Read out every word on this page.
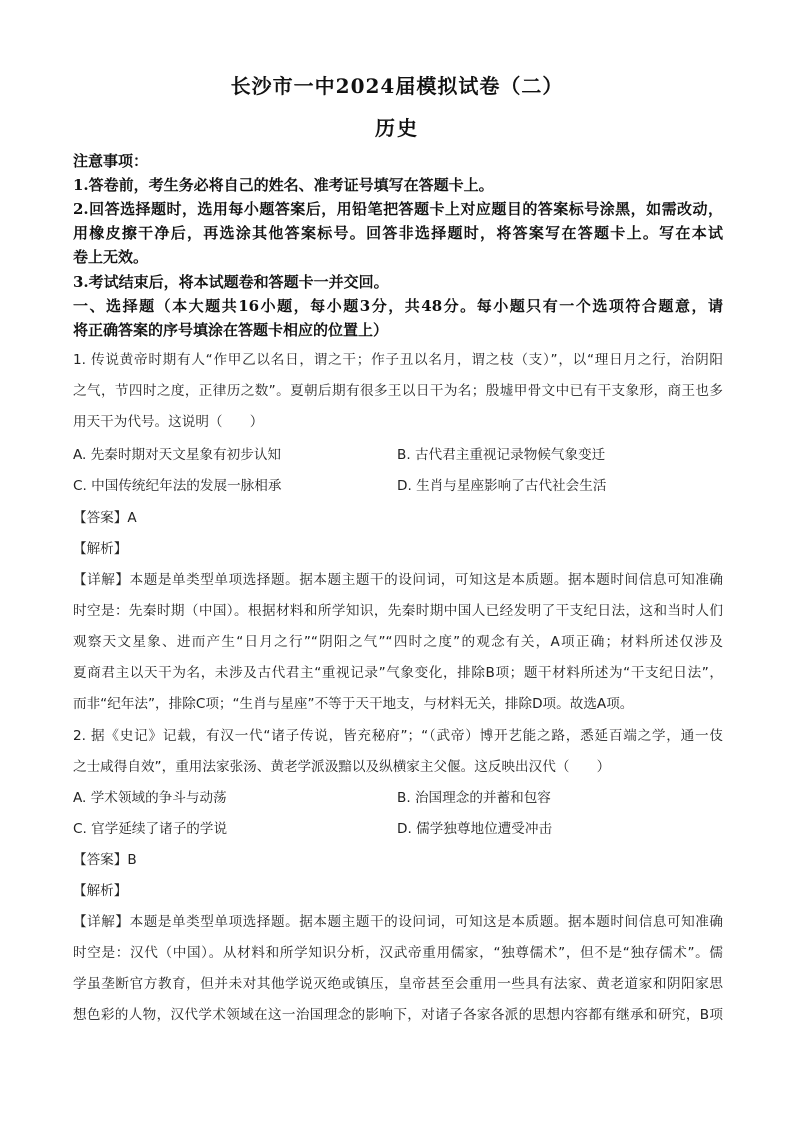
长沙市一中2024届模拟试卷（二）
历史
注意事项：
1.答卷前，考生务必将自己的姓名、准考证号填写在答题卡上。
2.回答选择题时，选用每小题答案后，用铅笔把答题卡上对应题目的答案标号涂黑，如需改动，
用橡皮擦干净后，再选涂其他答案标号。回答非选择题时，将答案写在答题卡上。写在本试
卷上无效。
3.考试结束后，将本试题卷和答题卡一并交回。
一、选择题（本大题共16小题，每小题3分，共48分。每小题只有一个选项符合题意，请
将正确答案的序号填涂在答题卡相应的位置上）
1. 传说黄帝时期有人“作甲乙以名日，谓之干；作子丑以名月，谓之枝（支）”，以“理日月之行，治阴阳
之气，节四时之度，正律历之数”。夏朝后期有很多王以日干为名；殷墟甲骨文中已有干支象形，商王也多
用天干为代号。这说明（　　）
A. 先秦时期对天文星象有初步认知	B. 古代君主重视记录物候气象变迁
C. 中国传统纪年法的发展一脉相承	D. 生肖与星座影响了古代社会生活
【答案】A
【解析】
【详解】本题是单类型单项选择题。据本题主题干的设问词，可知这是本质题。据本题时间信息可知准确
时空是：先秦时期（中国）。根据材料和所学知识，先秦时期中国人已经发明了干支纪日法，这和当时人们
观察天文星象、进而产生“日月之行”“阴阳之气”“四时之度”的观念有关，A项正确；材料所述仅涉及
夏商君主以天干为名，未涉及古代君主“重视记录”气象变化，排除B项；题干材料所述为“干支纪日法”，
而非“纪年法”，排除C项；“生肖与星座”不等于天干地支，与材料无关，排除D项。故选A项。
2. 据《史记》记载，有汉一代“诸子传说，皆充秘府”；“（武帝）博开艺能之路，悉延百端之学，通一伎
之士咸得自效”，重用法家张汤、黄老学派汲黯以及纵横家主父偃。这反映出汉代（　　）
A. 学术领域的争斗与动荡	B. 治国理念的并蓄和包容
C. 官学延续了诸子的学说	D. 儒学独尊地位遭受冲击
【答案】B
【解析】
【详解】本题是单类型单项选择题。据本题主题干的设问词，可知这是本质题。据本题时间信息可知准确
时空是：汉代（中国）。从材料和所学知识分析，汉武帝重用儒家，“独尊儒术”，但不是“独存儒术”。儒
学虽垄断官方教育，但并未对其他学说灭绝或镇压，皇帝甚至会重用一些具有法家、黄老道家和阴阳家思
想色彩的人物，汉代学术领域在这一治国理念的影响下，对诸子各家各派的思想内容都有继承和研究，B项
